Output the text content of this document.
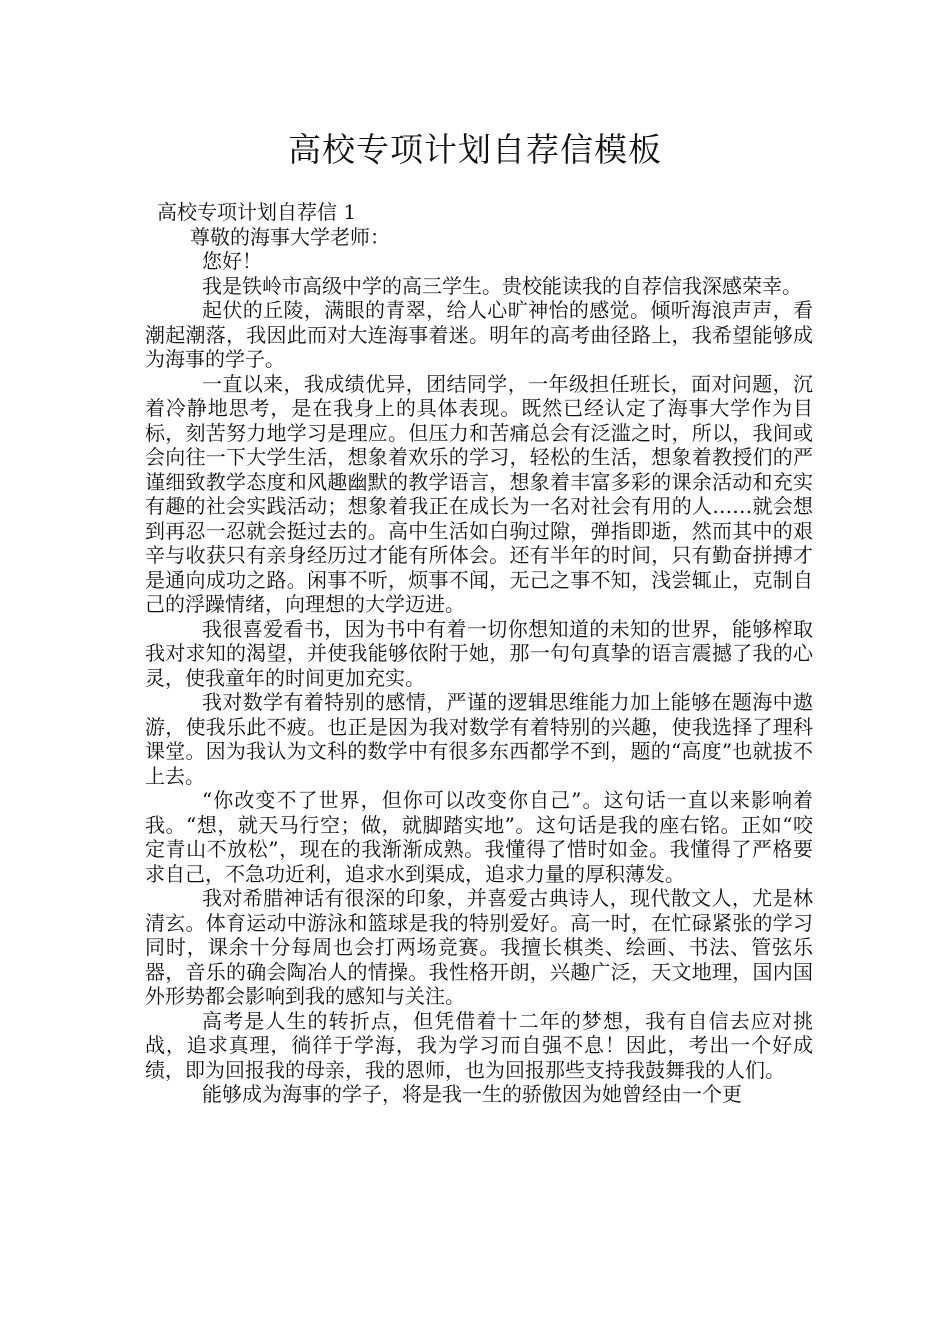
高校专项计划自荐信模板

高校专项计划自荐信 1

尊敬的海事大学老师：

您好！

我是铁岭市高级中学的高三学生。贵校能读我的自荐信我深感荣幸。

起伏的丘陵，满眼的青翠，给人心旷神怡的感觉。倾听海浪声声，看潮起潮落，我因此而对大连海事着迷。明年的高考曲径路上，我希望能够成为海事的学子。

一直以来，我成绩优异，团结同学，一年级担任班长，面对问题，沉着冷静地思考，是在我身上的具体表现。既然已经认定了海事大学作为目标，刻苦努力地学习是理应。但压力和苦痛总会有泛滥之时，所以，我间或会向往一下大学生活，想象着欢乐的学习，轻松的生活，想象着教授们的严谨细致教学态度和风趣幽默的教学语言，想象着丰富多彩的课余活动和充实有趣的社会实践活动；想象着我正在成长为一名对社会有用的人……就会想到再忍一忍就会挺过去的。高中生活如白驹过隙，弹指即逝，然而其中的艰辛与收获只有亲身经历过才能有所体会。还有半年的时间，只有勤奋拼搏才是通向成功之路。闲事不听，烦事不闻，无己之事不知，浅尝辄止，克制自己的浮躁情绪，向理想的大学迈进。

我很喜爱看书，因为书中有着一切你想知道的未知的世界，能够榨取我对求知的渴望，并使我能够依附于她，那一句句真挚的语言震撼了我的心灵，使我童年的时间更加充实。

我对数学有着特别的感情，严谨的逻辑思维能力加上能够在题海中遨游，使我乐此不疲。也正是因为我对数学有着特别的兴趣，使我选择了理科课堂。因为我认为文科的数学中有很多东西都学不到，题的“高度”也就拔不上去。

“你改变不了世界，但你可以改变你自己”。这句话一直以来影响着我。“想，就天马行空；做，就脚踏实地”。这句话是我的座右铭。正如“咬定青山不放松”，现在的我渐渐成熟。我懂得了惜时如金。我懂得了严格要求自己，不急功近利，追求水到渠成，追求力量的厚积薄发。

我对希腊神话有很深的印象，并喜爱古典诗人，现代散文人，尤是林清玄。体育运动中游泳和篮球是我的特别爱好。高一时，在忙碌紧张的学习同时，课余十分每周也会打两场竞赛。我擅长棋类、绘画、书法、管弦乐器，音乐的确会陶冶人的情操。我性格开朗，兴趣广泛，天文地理，国内国外形势都会影响到我的感知与关注。

高考是人生的转折点，但凭借着十二年的梦想，我有自信去应对挑战，追求真理，徜徉于学海，我为学习而自强不息！因此，考出一个好成绩，即为回报我的母亲，我的恩师，也为回报那些支持我鼓舞我的人们。

能够成为海事的学子，将是我一生的骄傲因为她曾经由一个更
